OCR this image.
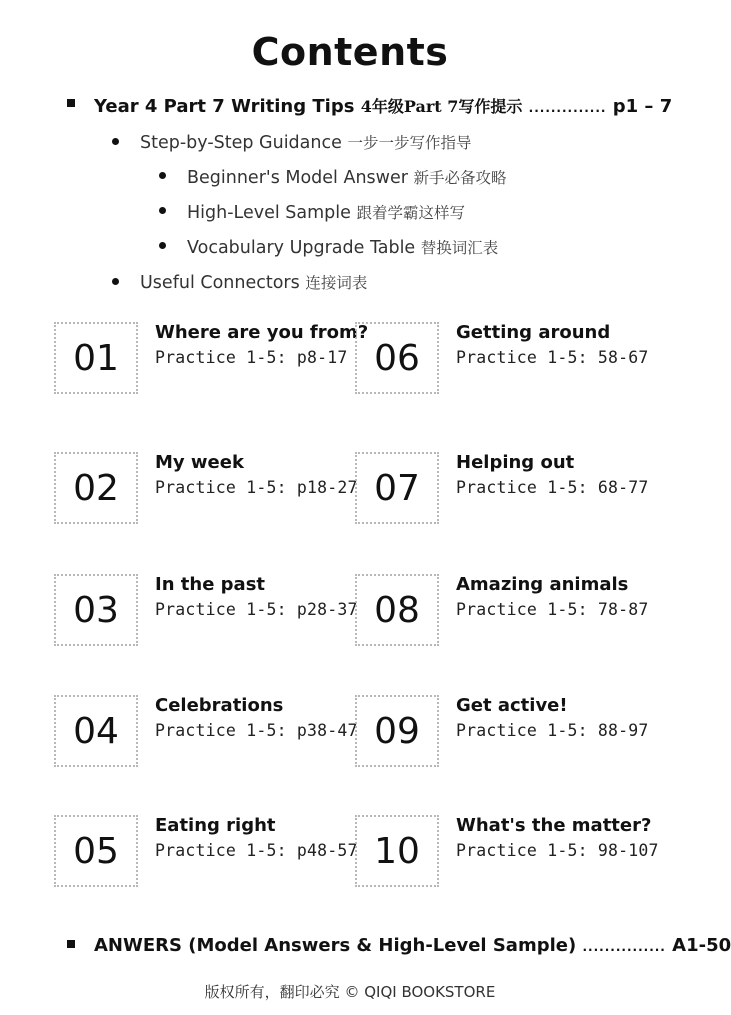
Contents
Year 4 Part 7 Writing Tips 4年级Part 7写作提示 .............. p1 – 7
Step-by-Step Guidance 一步一步写作指导
Beginner's Model Answer 新手必备攻略
High-Level Sample 跟着学霸这样写
Vocabulary Upgrade Table 替换词汇表
Useful Connectors 连接词表
01
Where are you from?
Practice 1-5: p8-17
02
My week
Practice 1-5: p18-27
03
In the past
Practice 1-5: p28-37
04
Celebrations
Practice 1-5: p38-47
05
Eating right
Practice 1-5: p48-57
06
Getting around
Practice 1-5: 58-67
07
Helping out
Practice 1-5: 68-77
08
Amazing animals
Practice 1-5: 78-87
09
Get active!
Practice 1-5: 88-97
10
What's the matter?
Practice 1-5: 98-107
ANWERS (Model Answers & High-Level Sample) ............... A1-50
版权所有，翻印必究 © QIQI BOOKSTORE
